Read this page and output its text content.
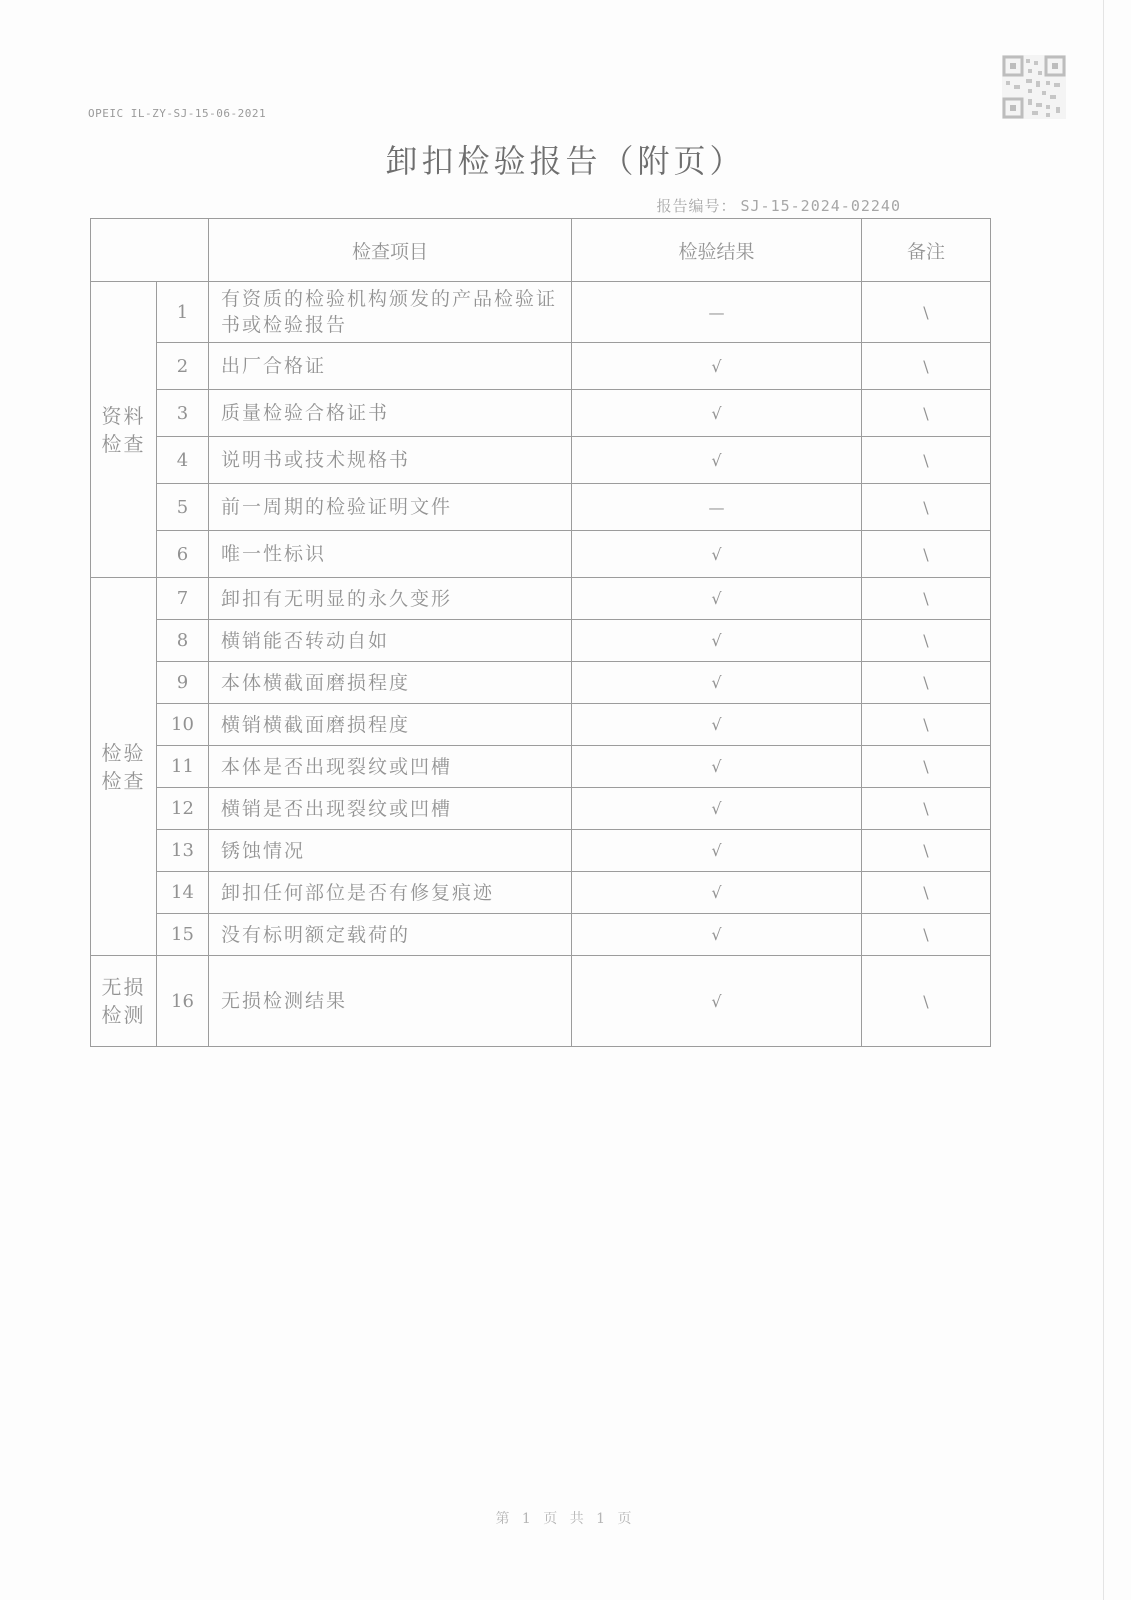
OPEIC IL-ZY-SJ-15-06-2021
卸扣检验报告（附页）
报告编号： SJ-15-2024-02240
		检查项目	检验结果	备注
资料检查	1	有资质的检验机构颁发的产品检验证书或检验报告	—	\
	2	出厂合格证	√	\
	3	质量检验合格证书	√	\
	4	说明书或技术规格书	√	\
	5	前一周期的检验证明文件	—	\
	6	唯一性标识	√	\
检验检查	7	卸扣有无明显的永久变形	√	\
	8	横销能否转动自如	√	\
	9	本体横截面磨损程度	√	\
	10	横销横截面磨损程度	√	\
	11	本体是否出现裂纹或凹槽	√	\
	12	横销是否出现裂纹或凹槽	√	\
	13	锈蚀情况	√	\
	14	卸扣任何部位是否有修复痕迹	√	\
	15	没有标明额定载荷的	√	\
无损检测	16	无损检测结果	√	\
第 1 页 共 1 页
